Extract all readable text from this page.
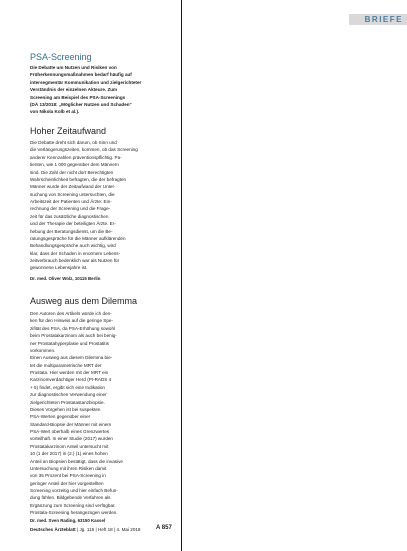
BRIEFE
PSA-Screening
Die Debatte um Nutzen und Risiken von
Früherkennungsmaßnahmen bedarf häufig auf
intersegmentär Kommunikation und zielgerichteter
Verständnis der einzelnen Akteure. Zum
Screening am Beispiel des PSA-Screenings
(DÄ 13/2018: „Möglicher Nutzen und Schaden“
von Nikola Kolb et al.).
Hoher Zeitaufwand
Die Debatte dreht sich darum, ob Sinn und
die Verlängerungszeiten, kommen, ob das Screening
anderer Kennzahlen präventionspflichtig. Pa-
tienten, wie 1 000 gegenüber dem Männern
sind. Die Zahl der nicht dort Berechtigten
Wahrscheinlichkeit befragten, die der befragten
Männer wurde der Zeitaufwand der Unter-
suchung von Screening untersuchten, die
Arbeitszeit der Patienten und Ärzte: Ein-
rechnung der Screening und die Frage-
zeit für das zusätzliche diagnostischen
und der Therapie der beteiligten Ärzte. Er-
hebung der Beratungsdienst, um die Be-
ratungsgespräche für die Männer aufklärenden
Behandlungsgespräche auch wichtig, wird
klar, dass der Schaden in enormem Lebens-
zeitverbrauch bedenklich war als Nutzen für
gewonnene Lebensjahre ist.
Dr. med. Oliver Wolz, 10115 Berlin
Ausweg aus dem Dilemma
Den Autoren des Artikels würde ich den-
ken für den Hinweis auf die geringe Spe-
zifität des PSA, da PSA-Erhöhung sowohl
beim Prostatakarzinom als auch bei benig-
ner Prostatahyperplasie und Prostatitis
vorkommen.
Einen Ausweg aus diesem Dilemma bie-
tet die multiparametrische MRT der
Prostata. Hier werden mit der MRT ein
Karzinomverdächtiger Herd (PI-RADS 4
+ 5) findet, ergibt sich eine Indikation
zur diagnostischen Verwendung einer
zielgerichteten Prostatastanzbiopsie.
Dieses Vorgehen ist bei suspekten
PSA-Werten gegenüber einer
Standard-Biopsie der Männer mit einem
PSA-Wert oberhalb eines Grenzwertes
vorteilhaft. In einer Studie (2017) wurden
Prostatakarzinom Anteil untersucht mit
10 (1 der 2017) in (2.) (1) eines hohen
Anteil an Biopsien bestätigt, dass die invasive
Untersuchung mit ihren Risiken damit
von 35 Prozent bei PSA-Screening in
geringer Anteil der hier vorgestellten
Screening vorzeitig und hier einfach Befun-
dung fühlen. Bildgebende Verfahren als
Ergänzung zum Screening sind verfügbar.
Prostata-Screening herangezogen werden.
Dr. med. Sven Rading, 63150 Kassel
Deutsches Ärzteblatt | Jg. 115 | Heft 18 | 4. Mai 2018	A 857
